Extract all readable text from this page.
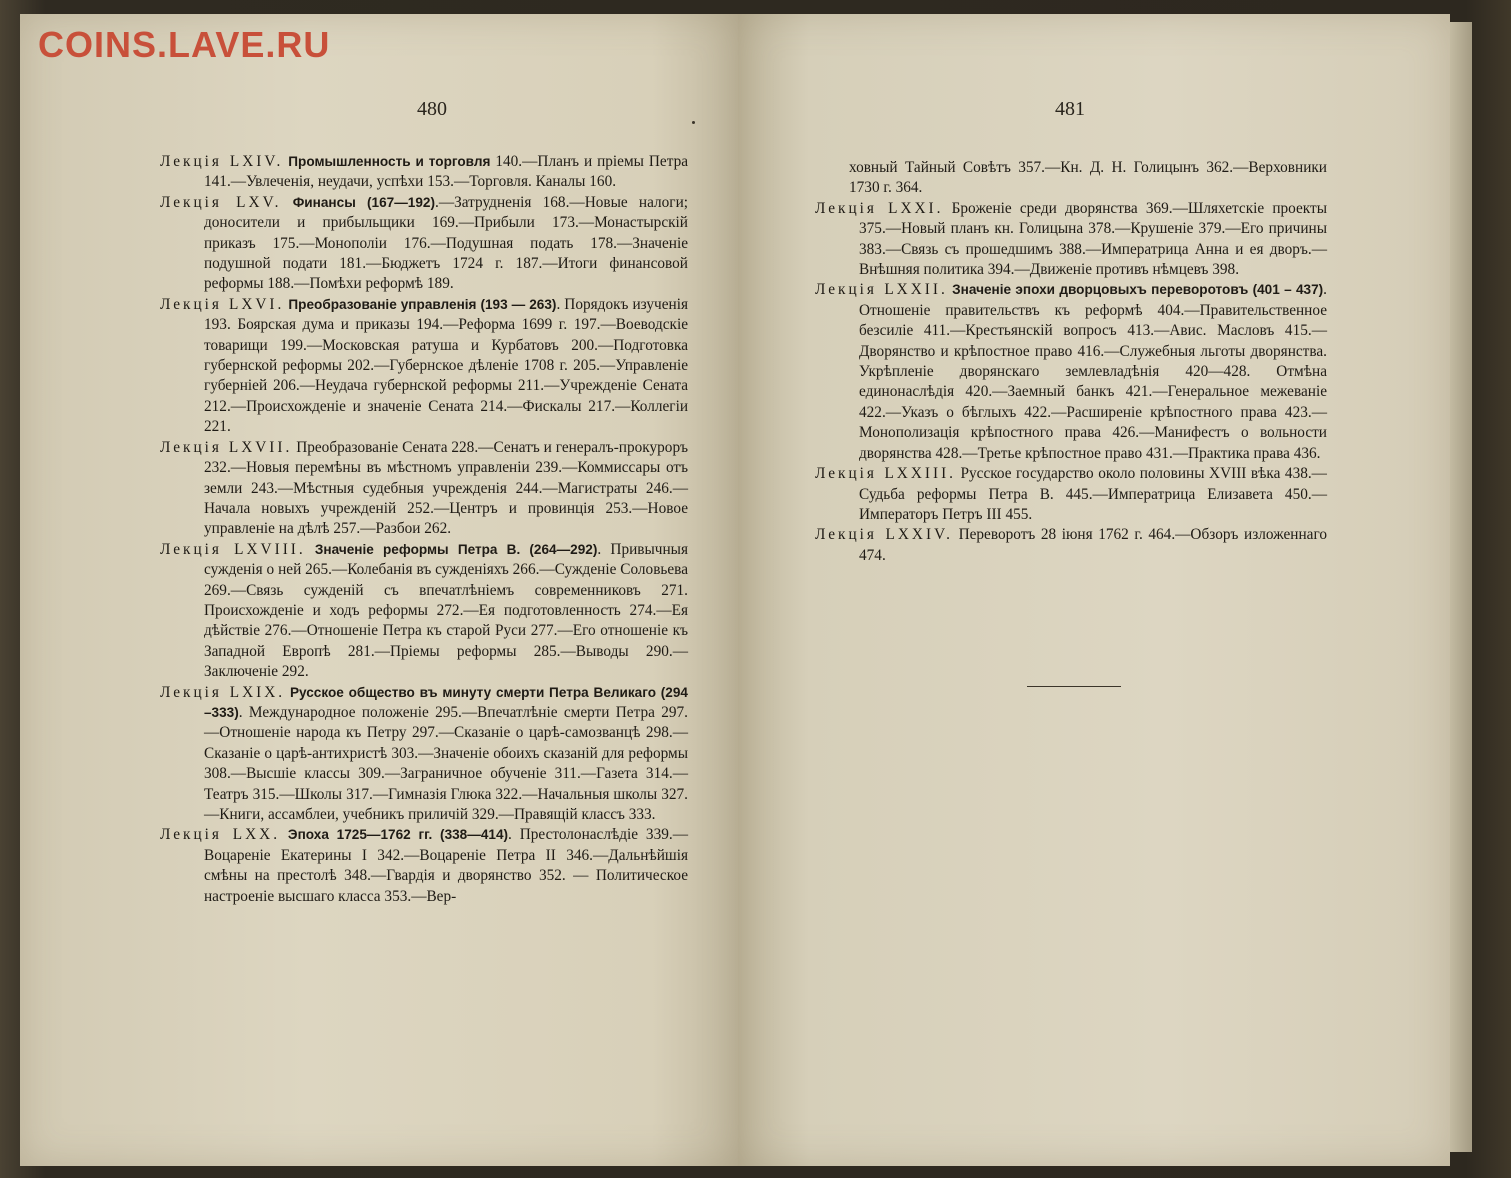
COINS.LAVE.RU
480	481
Лекція LXIV. Промышленность и торговля 140.—Планъ и пріемы Петра 141.—Увлеченія, неудачи, успѣхи 153.—Торговля. Каналы 160.
Лекція LXV. Финансы (167—192).—Затрудненія 168.—Новые налоги; доносители и прибыльщики 169.—Прибыли 173.—Монастырскій приказъ 175.—Монополіи 176.—Подушная подать 178.—Значеніе подушной подати 181.—Бюджетъ 1724 г. 187.—Итоги финансовой реформы 188.—Помѣхи реформѣ 189.
Лекція LXVI. Преобразованіе управленія (193 — 263). Порядокъ изученія 193. Боярская дума и приказы 194.—Реформа 1699 г. 197.—Воеводскіе товарищи 199.—Московская ратуша и Курбатовъ 200.—Подготовка губернской реформы 202.—Губернское дѣленіе 1708 г. 205.—Управленіе губерніей 206.—Неудача губернской реформы 211.—Учрежденіе Сената 212.—Происхожденіе и значеніе Сената 214.—Фискалы 217.—Коллегіи 221.
Лекція LXVII. Преобразованіе Сената 228.—Сенатъ и генералъ-прокуроръ 232.—Новыя перемѣны въ мѣстномъ управленіи 239.—Коммиссары отъ земли 243.—Мѣстныя судебныя учрежденія 244.—Магистраты 246.—Начала новыхъ учрежденій 252.—Центръ и провинція 253.—Новое управленіе на дѣлѣ 257.—Разбои 262.
Лекція LXVIII. Значеніе реформы Петра В. (264—292). Привычныя сужденія о ней 265.—Колебанія въ сужденіяхъ 266.—Сужденіе Соловьева 269.—Связь сужденій съ впечатлѣніемъ современниковъ 271. Происхожденіе и ходъ реформы 272.—Ея подготовленность 274.—Ея дѣйствіе 276.—Отношеніе Петра къ старой Руси 277.—Его отношеніе къ Западной Европѣ 281.—Пріемы реформы 285.—Выводы 290.—Заключеніе 292.
Лекція LXIX. Русское общество въ минуту смерти Петра Великаго (294 –333). Международное положеніе 295.—Впечатлѣніе смерти Петра 297.—Отношеніе народа къ Петру 297.—Сказаніе о царѣ-самозванцѣ 298.—Сказаніе о царѣ-антихристѣ 303.—Значеніе обоихъ сказаній для реформы 308.—Высшіе классы 309.—Заграничное обученіе 311.—Газета 314.—Театръ 315.—Школы 317.—Гимназія Глюка 322.—Начальныя школы 327.—Книги, ассамблеи, учебникъ приличій 329.—Правящій классъ 333.
Лекція LXX. Эпоха 1725—1762 гг. (338—414). Престолонаслѣдіе 339.—Воцареніе Екатерины I 342.—Воцареніе Петра II 346.—Дальнѣйшія смѣны на престолѣ 348.—Гвардія и дворянство 352. — Политическое настроеніе высшаго класса 353.—Вер-
ховный Тайный Совѣтъ 357.—Кн. Д. Н. Голицынъ 362.—Верховники 1730 г. 364.
Лекція LXXI. Броженіе среди дворянства 369.—Шляхетскіе проекты 375.—Новый планъ кн. Голицына 378.—Крушеніе 379.—Его причины 383.—Связь съ прошедшимъ 388.—Императрица Анна и ея дворъ.—Внѣшняя политика 394.—Движеніе противъ нѣмцевъ 398.
Лекція LXXII. Значеніе эпохи дворцовыхъ переворотовъ (401 – 437). Отношеніе правительствъ къ реформѣ 404.—Правительственное безсиліе 411.—Крестьянскій вопросъ 413.—Авис. Масловъ 415.—Дворянство и крѣпостное право 416.—Служебныя льготы дворянства. Укрѣпленіе дворянскаго землевладѣнія 420—428. Отмѣна единонаслѣдія 420.—Заемный банкъ 421.—Генеральное межеваніе 422.—Указъ о бѣглыхъ 422.—Расширеніе крѣпостного права 423.—Монополизація крѣпостного права 426.—Манифестъ о вольности дворянства 428.—Третье крѣпостное право 431.—Практика права 436.
Лекція LXXIII. Русское государство около половины XVIII вѣка 438.—Судьба реформы Петра В. 445.—Императрица Елизавета 450.—Императоръ Петръ III 455.
Лекція LXXIV. Переворотъ 28 іюня 1762 г. 464.—Обзоръ изложеннаго 474.
